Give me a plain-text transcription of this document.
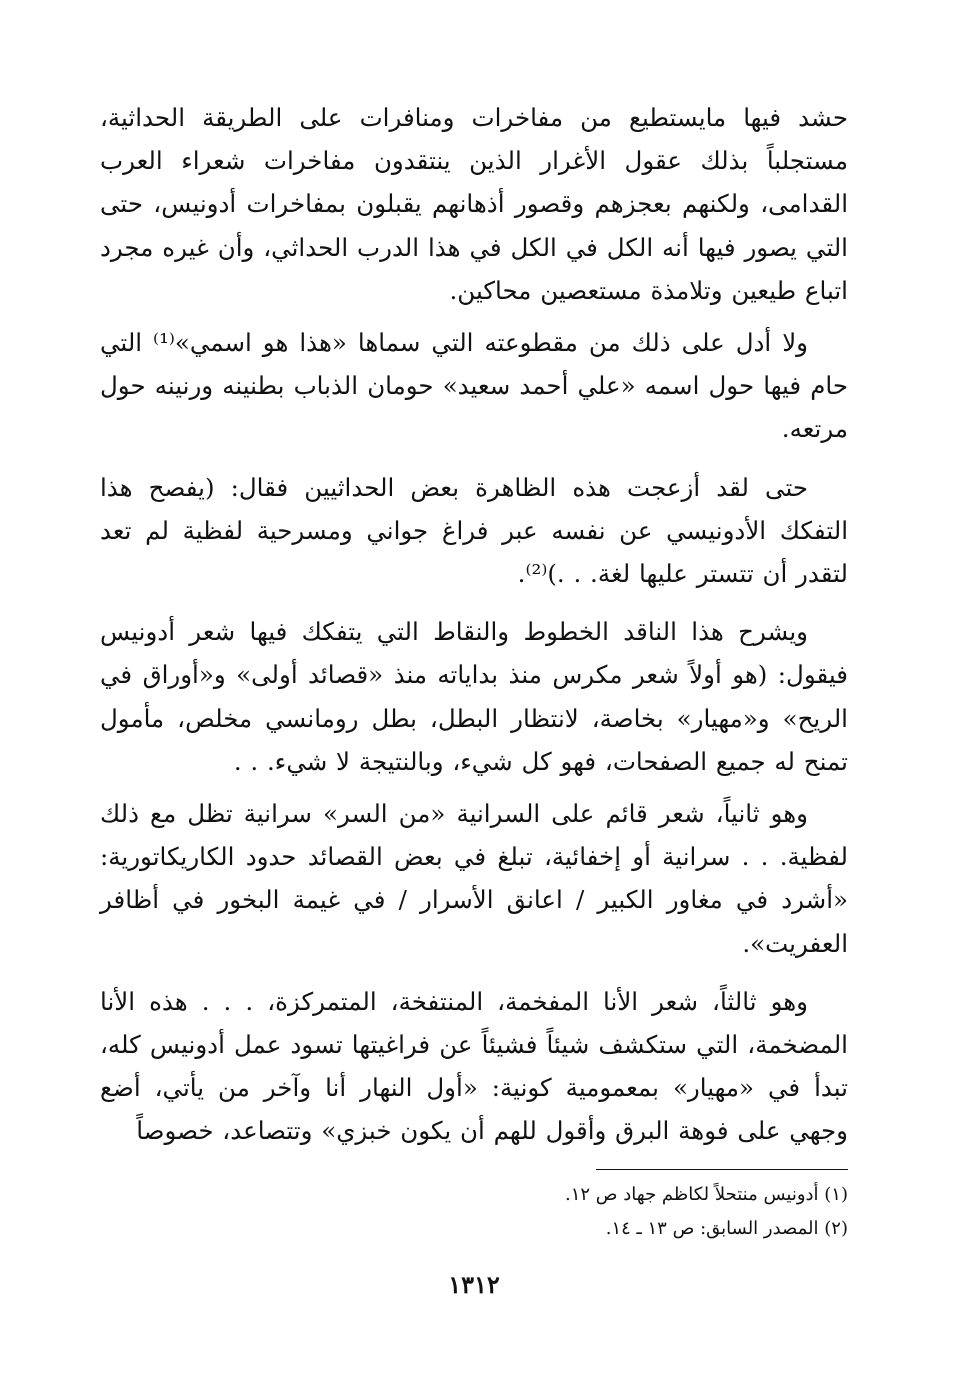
حشد فيها مايستطيع من مفاخرات ومنافرات على الطريقة الحداثية، مستجلباً بذلك عقول الأغرار الذين ينتقدون مفاخرات شعراء العرب القدامى، ولكنهم بعجزهم وقصور أذهانهم يقبلون بمفاخرات أدونيس، حتى التي يصور فيها أنه الكل في الكل في هذا الدرب الحداثي، وأن غيره مجرد اتباع طيعين وتلامذة مستعصين محاكين.

ولا أدل على ذلك من مقطوعته التي سماها «هذا هو اسمي»⁽¹⁾ التي حام فيها حول اسمه «علي أحمد سعيد» حومان الذباب بطنينه ورنينه حول مرتعه.

حتى لقد أزعجت هذه الظاهرة بعض الحداثيين فقال: (يفصح هذا التفكك الأدونيسي عن نفسه عبر فراغ جواني ومسرحية لفظية لم تعد لتقدر أن تتستر عليها لغة. . .)⁽²⁾.

ويشرح هذا الناقد الخطوط والنقاط التي يتفكك فيها شعر أدونيس فيقول: (هو أولاً شعر مكرس منذ بداياته منذ «قصائد أولى» و«أوراق في الريح» و«مهيار» بخاصة، لانتظار البطل، بطل رومانسي مخلص، مأمول تمنح له جميع الصفحات، فهو كل شيء، وبالنتيجة لا شيء. . .

وهو ثانياً، شعر قائم على السرانية «من السر» سرانية تظل مع ذلك لفظية. . . سرانية أو إخفائية، تبلغ في بعض القصائد حدود الكاريكاتورية: «أشرد في مغاور الكبير / اعانق الأسرار / في غيمة البخور في أظافر العفريت».

وهو ثالثاً، شعر الأنا المفخمة، المنتفخة، المتمركزة، . . . هذه الأنا المضخمة، التي ستكشف شيئاً فشيئاً عن فراغيتها تسود عمل أدونيس كله، تبدأ في «مهيار» بمعمومية كونية: «أول النهار أنا وآخر من يأتي، أضع وجهي على فوهة البرق وأقول للهم أن يكون خبزي» وتتصاعد، خصوصاً

(١) أدونيس منتحلاً لكاظم جهاد ص ١٢.

(٢) المصدر السابق: ص ١٣ ـ ١٤.

١٣١٢
